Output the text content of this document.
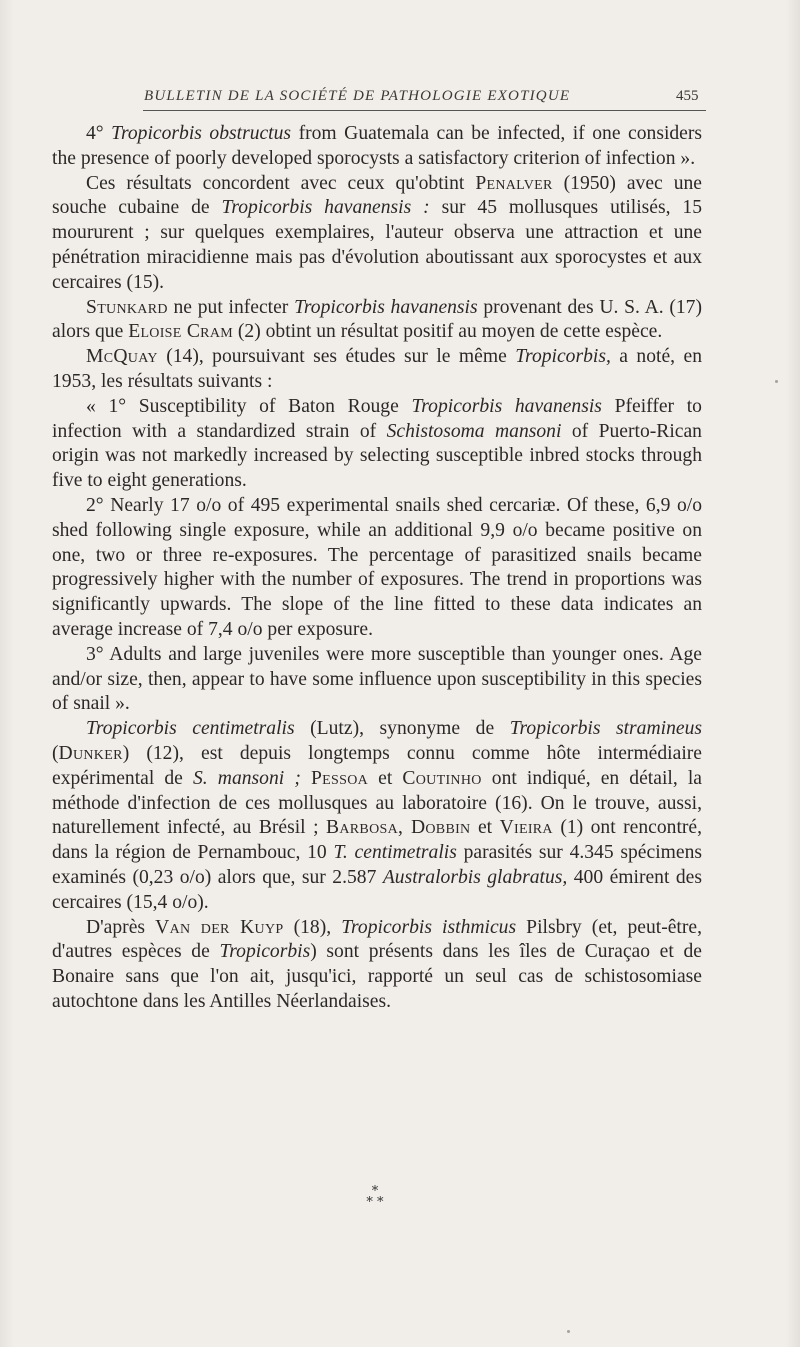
BULLETIN DE LA SOCIÉTÉ DE PATHOLOGIE EXOTIQUE	455

4° Tropicorbis obstructus from Guatemala can be infected, if one considers the presence of poorly developed sporocysts a satisfactory criterion of infection ».

Ces résultats concordent avec ceux qu'obtint Penalver (1950) avec une souche cubaine de Tropicorbis havanensis : sur 45 mollusques utilisés, 15 moururent ; sur quelques exemplaires, l'auteur observa une attraction et une pénétration miracidienne mais pas d'évolution aboutissant aux sporocystes et aux cercaires (15).

Stunkard ne put infecter Tropicorbis havanensis provenant des U. S. A. (17) alors que Eloise Cram (2) obtint un résultat positif au moyen de cette espèce.

McQuay (14), poursuivant ses études sur le même Tropicorbis, a noté, en 1953, les résultats suivants :

« 1° Susceptibility of Baton Rouge Tropicorbis havanensis Pfeiffer to infection with a standardized strain of Schistosoma mansoni of Puerto-Rican origin was not markedly increased by selecting susceptible inbred stocks through five to eight generations.

2° Nearly 17 o/o of 495 experimental snails shed cercariæ. Of these, 6,9 o/o shed following single exposure, while an additional 9,9 o/o became positive on one, two or three re-exposures. The percentage of parasitized snails became progressively higher with the number of exposures. The trend in proportions was significantly upwards. The slope of the line fitted to these data indicates an average increase of 7,4 o/o per exposure.

3° Adults and large juveniles were more susceptible than younger ones. Age and/or size, then, appear to have some influence upon susceptibility in this species of snail ».

Tropicorbis centimetralis (Lutz), synonyme de Tropicorbis stramineus (Dunker) (12), est depuis longtemps connu comme hôte intermédiaire expérimental de S. mansoni ; Pessoa et Coutinho ont indiqué, en détail, la méthode d'infection de ces mollusques au laboratoire (16). On le trouve, aussi, naturellement infecté, au Brésil ; Barbosa, Dobbin et Vieira (1) ont rencontré, dans la région de Pernambouc, 10 T. centimetralis parasités sur 4.345 spécimens examinés (0,23 o/o) alors que, sur 2.587 Australorbis glabratus, 400 émirent des cercaires (15,4 o/o).

D'après Van der Kuyp (18), Tropicorbis isthmicus Pilsbry (et, peut-être, d'autres espèces de Tropicorbis) sont présents dans les îles de Curaçao et de Bonaire sans que l'on ait, jusqu'ici, rapporté un seul cas de schistosomiase autochtone dans les Antilles Néerlandaises.

*
* *
